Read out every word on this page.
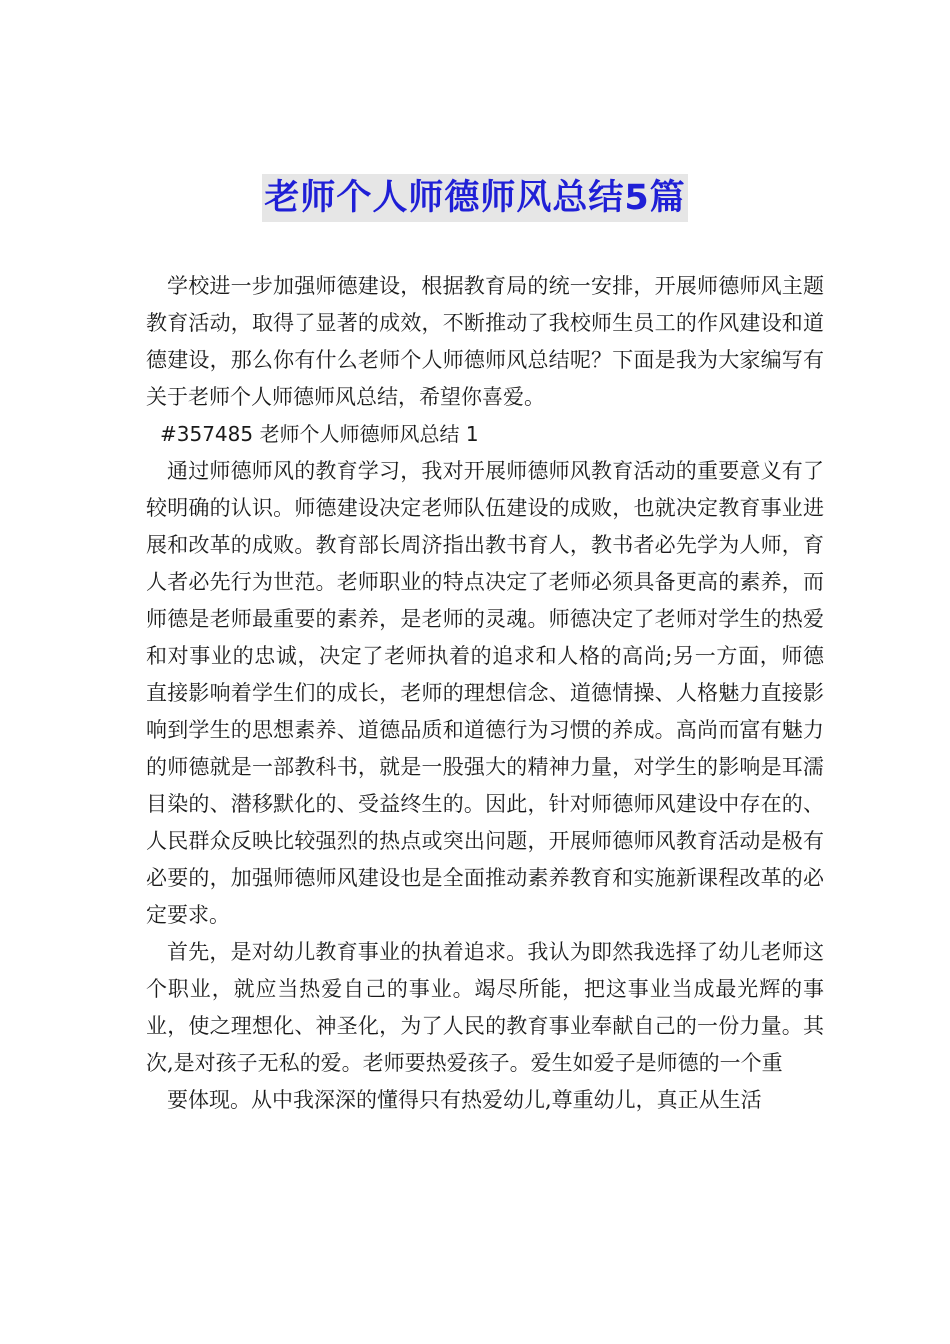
老师个人师德师风总结5篇

学校进一步加强师德建设，根据教育局的统一安排，开展师德师风主题教育活动，取得了显著的成效，不断推动了我校师生员工的作风建设和道德建设，那么你有什么老师个人师德师风总结呢？下面是我为大家编写有关于老师个人师德师风总结，希望你喜爱。

#357485 老师个人师德师风总结 1

通过师德师风的教育学习，我对开展师德师风教育活动的重要意义有了较明确的认识。师德建设决定老师队伍建设的成败，也就决定教育事业进展和改革的成败。教育部长周济指出教书育人，教书者必先学为人师，育人者必先行为世范。老师职业的特点决定了老师必须具备更高的素养，而师德是老师最重要的素养，是老师的灵魂。师德决定了老师对学生的热爱和对事业的忠诚，决定了老师执着的追求和人格的高尚;另一方面，师德直接影响着学生们的成长，老师的理想信念、道德情操、人格魅力直接影响到学生的思想素养、道德品质和道德行为习惯的养成。高尚而富有魅力的师德就是一部教科书，就是一股强大的精神力量，对学生的影响是耳濡目染的、潜移默化的、受益终生的。因此，针对师德师风建设中存在的、人民群众反映比较强烈的热点或突出问题，开展师德师风教育活动是极有必要的，加强师德师风建设也是全面推动素养教育和实施新课程改革的必定要求。

首先，是对幼儿教育事业的执着追求。我认为即然我选择了幼儿老师这个职业，就应当热爱自己的事业。竭尽所能，把这事业当成最光辉的事业，使之理想化、神圣化，为了人民的教育事业奉献自己的一份力量。其次,是对孩子无私的爱。老师要热爱孩子。爱生如爱子是师德的一个重

要体现。从中我深深的懂得只有热爱幼儿,尊重幼儿，真正从生活
